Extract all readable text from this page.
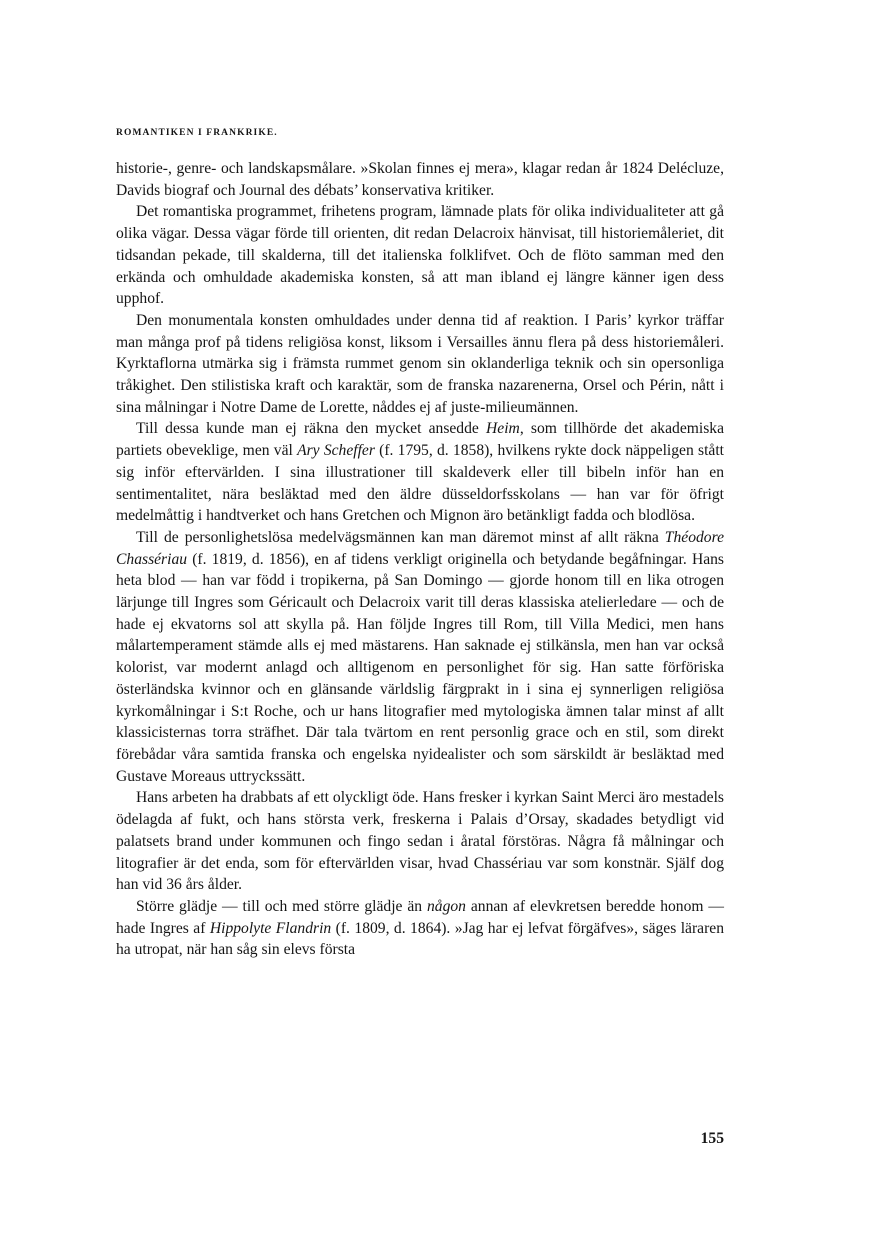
ROMANTIKEN I FRANKRIKE.

historie-, genre- och landskapsmålare. »Skolan finnes ej mera», klagar redan år 1824 Delécluze, Davids biograf och Journal des débats’ konservativa kritiker.

Det romantiska programmet, frihetens program, lämnade plats för olika individualiteter att gå olika vägar. Dessa vägar förde till orienten, dit redan Delacroix hänvisat, till historiemåleriet, dit tidsandan pekade, till skalderna, till det italienska folklifvet. Och de flöto samman med den erkända och omhuldade akademiska konsten, så att man ibland ej längre känner igen dess upphof.

Den monumentala konsten omhuldades under denna tid af reaktion. I Paris’ kyrkor träffar man många prof på tidens religiösa konst, liksom i Versailles ännu flera på dess historiemåleri. Kyrktaflorna utmärka sig i främsta rummet genom sin oklanderliga teknik och sin opersonliga tråkighet. Den stilistiska kraft och karaktär, som de franska nazarenerna, Orsel och Périn, nått i sina målningar i Notre Dame de Lorette, nåddes ej af juste-milieumännen.

Till dessa kunde man ej räkna den mycket ansedde Heim, som tillhörde det akademiska partiets obeveklige, men väl Ary Scheffer (f. 1795, d. 1858), hvilkens rykte dock näppeligen stått sig inför eftervärlden. I sina illustrationer till skaldeverk eller till bibeln inför han en sentimentalitet, nära besläktad med den äldre düsseldorfsskolans — han var för öfrigt medelmåttig i handtverket och hans Gretchen och Mignon äro betänkligt fadda och blodlösa.

Till de personlighetslösa medelvägsmännen kan man däremot minst af allt räkna Théodore Chassériau (f. 1819, d. 1856), en af tidens verkligt originella och betydande begåfningar. Hans heta blod — han var född i tropikerna, på San Domingo — gjorde honom till en lika otrogen lärjunge till Ingres som Géricault och Delacroix varit till deras klassiska atelierledare — och de hade ej ekvatorns sol att skylla på. Han följde Ingres till Rom, till Villa Medici, men hans målartemperament stämde alls ej med mästarens. Han saknade ej stilkänsla, men han var också kolorist, var modernt anlagd och alltigenom en personlighet för sig. Han satte förföriska österländska kvinnor och en glänsande världslig färgprakt in i sina ej synnerligen religiösa kyrkomålningar i S:t Roche, och ur hans litografier med mytologiska ämnen talar minst af allt klassicisternas torra sträfhet. Där tala tvärtom en rent personlig grace och en stil, som direkt förebådar våra samtida franska och engelska nyidealister och som särskildt är besläktad med Gustave Moreaus uttryckssätt.

Hans arbeten ha drabbats af ett olyckligt öde. Hans fresker i kyrkan Saint Merci äro mestadels ödelagda af fukt, och hans största verk, freskerna i Palais d’Orsay, skadades betydligt vid palatsets brand under kommunen och fingo sedan i åratal förstöras. Några få målningar och litografier är det enda, som för eftervärlden visar, hvad Chassériau var som konstnär. Själf dog han vid 36 års ålder.

Större glädje — till och med större glädje än någon annan af elevkretsen beredde honom — hade Ingres af Hippolyte Flandrin (f. 1809, d. 1864). »Jag har ej lefvat förgäfves», säges läraren ha utropat, när han såg sin elevs första

155
